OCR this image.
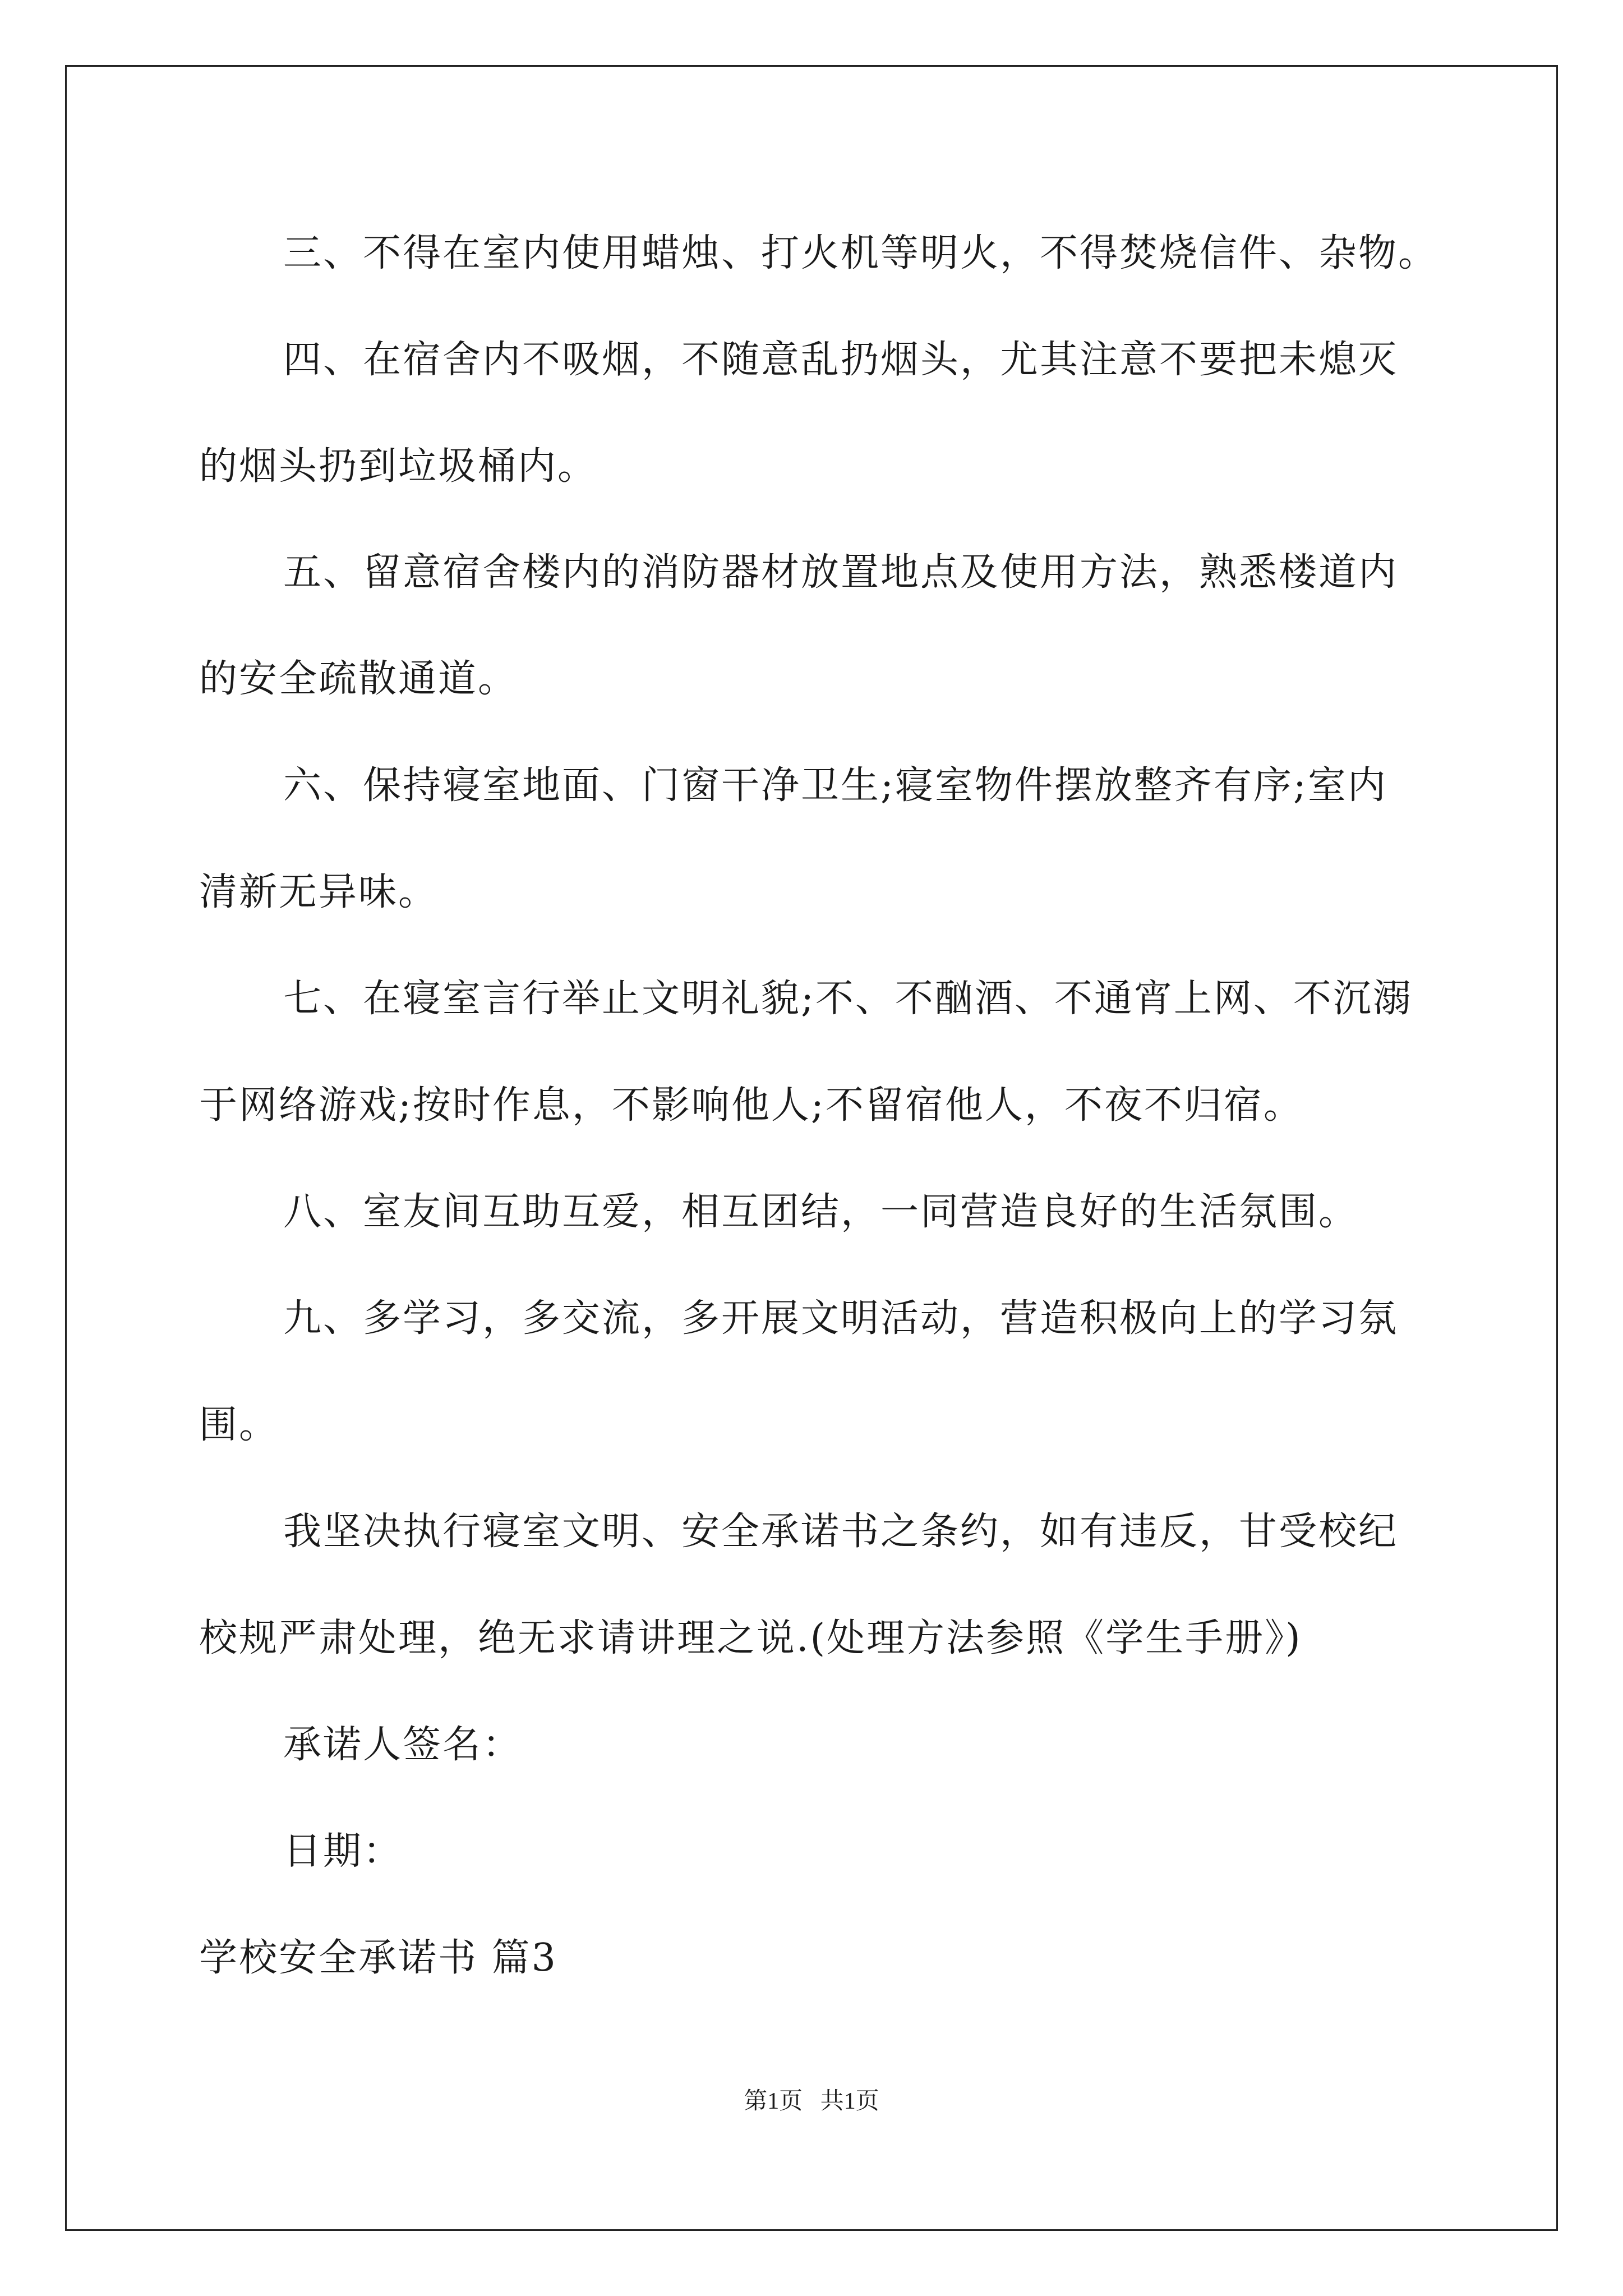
三、不得在室内使用蜡烛、打火机等明火，不得焚烧信件、杂物。

四、在宿舍内不吸烟，不随意乱扔烟头，尤其注意不要把未熄灭

的烟头扔到垃圾桶内。

五、留意宿舍楼内的消防器材放置地点及使用方法，熟悉楼道内

的安全疏散通道。

六、保持寝室地面、门窗干净卫生;寝室物件摆放整齐有序;室内

清新无异味。

七、在寝室言行举止文明礼貌;不、不酗酒、不通宵上网、不沉溺

于网络游戏;按时作息，不影响他人;不留宿他人，不夜不归宿。

八、室友间互助互爱，相互团结，一同营造良好的生活氛围。

九、多学习，多交流，多开展文明活动，营造积极向上的学习氛

围。

我坚决执行寝室文明、安全承诺书之条约，如有违反，甘受校纪

校规严肃处理，绝无求请讲理之说.(处理方法参照《学生手册》)

承诺人签名：

日期：

学校安全承诺书 篇3

第1页   共1页
